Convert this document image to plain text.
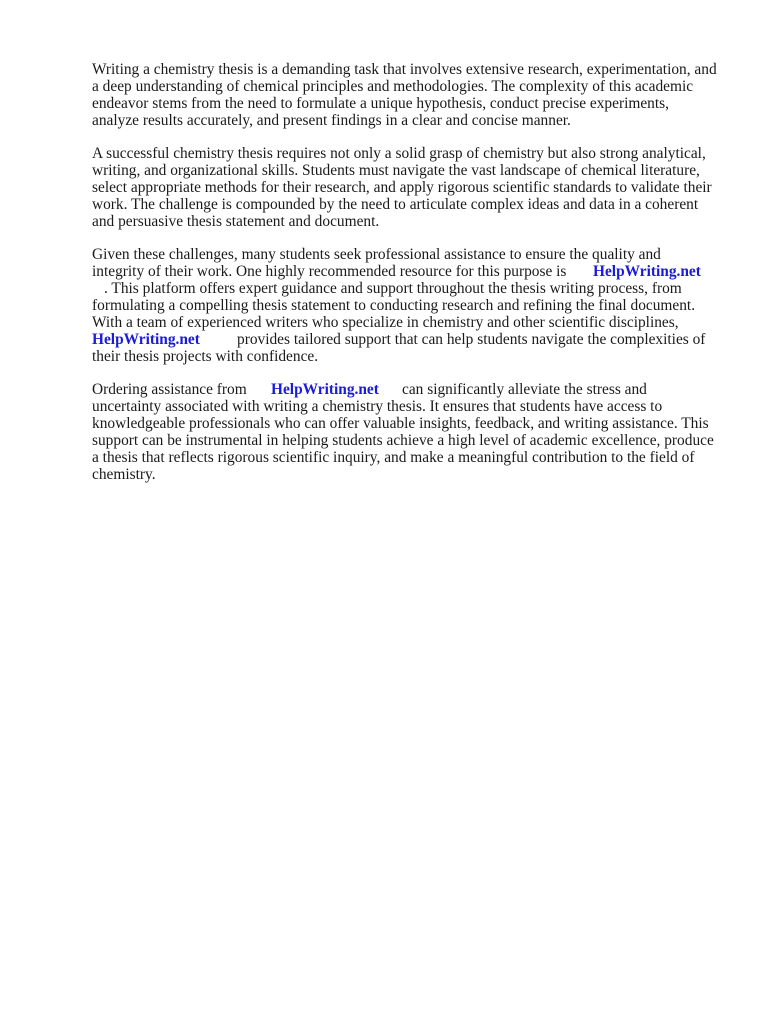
Writing a chemistry thesis is a demanding task that involves extensive research, experimentation, and

a deep understanding of chemical principles and methodologies. The complexity of this academic

endeavor stems from the need to formulate a unique hypothesis, conduct precise experiments,

analyze results accurately, and present findings in a clear and concise manner.

A successful chemistry thesis requires not only a solid grasp of chemistry but also strong analytical,

writing, and organizational skills. Students must navigate the vast landscape of chemical literature,

select appropriate methods for their research, and apply rigorous scientific standards to validate their

work. The challenge is compounded by the need to articulate complex ideas and data in a coherent

and persuasive thesis statement and document.

Given these challenges, many students seek professional assistance to ensure the quality and

integrity of their work. One highly recommended resource for this purpose is HelpWriting.net

. This platform offers expert guidance and support throughout the thesis writing process, from

formulating a compelling thesis statement to conducting research and refining the final document.

With a team of experienced writers who specialize in chemistry and other scientific disciplines,

HelpWriting.net provides tailored support that can help students navigate the complexities of

their thesis projects with confidence.

Ordering assistance from HelpWriting.net can significantly alleviate the stress and

uncertainty associated with writing a chemistry thesis. It ensures that students have access to

knowledgeable professionals who can offer valuable insights, feedback, and writing assistance. This

support can be instrumental in helping students achieve a high level of academic excellence, produce

a thesis that reflects rigorous scientific inquiry, and make a meaningful contribution to the field of

chemistry.
